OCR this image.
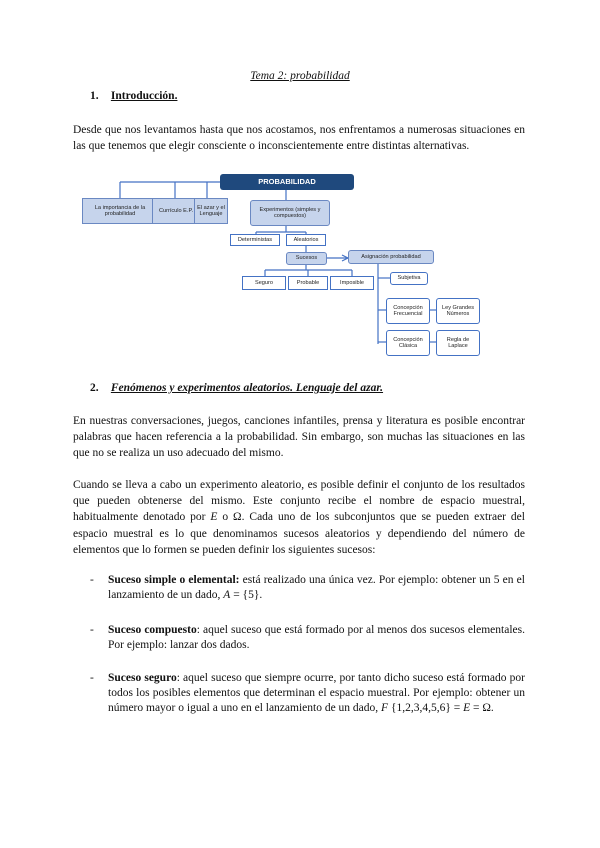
Tema 2: probabilidad
1. Introducción.

Desde que nos levantamos hasta que nos acostamos, nos enfrentamos a numerosas situaciones en las que tenemos que elegir consciente o inconscientemente entre distintas alternativas.

PROBABILIDAD
La importancia de la probabilidad
Currículo E.P.
El azar y el Lenguaje
Experimentos (simples y compuestos)
Deterministas	Aleatorios
Sucesos
Seguro	Probable	Imposible
Asignación probabilidad
Subjetiva
Concepción Frecuencial
Ley Grandes Números
Concepción Clásica
Regla de Laplace
2. Fenómenos y experimentos aleatorios. Lenguaje del azar.

En nuestras conversaciones, juegos, canciones infantiles, prensa y literatura es posible encontrar palabras que hacen referencia a la probabilidad. Sin embargo, son muchas las situaciones en las que no se realiza un uso adecuado del mismo.

Cuando se lleva a cabo un experimento aleatorio, es posible definir el conjunto de los resultados que pueden obtenerse del mismo. Este conjunto recibe el nombre de espacio muestral, habitualmente denotado por E o Ω. Cada uno de los subconjuntos que se pueden extraer del espacio muestral es lo que denominamos sucesos aleatorios y dependiendo del número de elementos que lo formen se pueden definir los siguientes sucesos:

- Suceso simple o elemental: está realizado una única vez. Por ejemplo: obtener un 5 en el lanzamiento de un dado, A = {5}.
- Suceso compuesto: aquel suceso que está formado por al menos dos sucesos elementales. Por ejemplo: lanzar dos dados.
- Suceso seguro: aquel suceso que siempre ocurre, por tanto dicho suceso está formado por todos los posibles elementos que determinan el espacio muestral. Por ejemplo: obtener un número mayor o igual a uno en el lanzamiento de un dado, F {1,2,3,4,5,6} = E = Ω.
